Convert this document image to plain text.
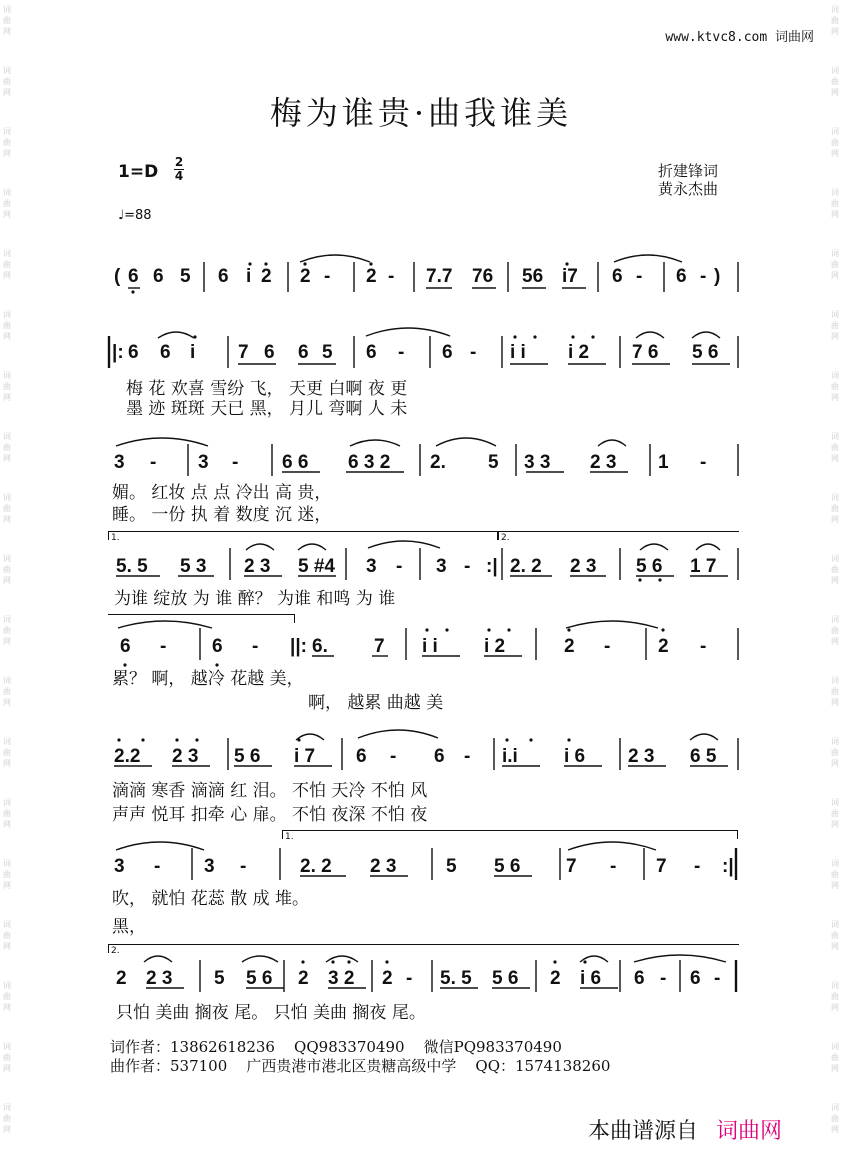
词
曲
网
词
曲
网
词
曲
网
词
曲
网
词
曲
网
词
曲
网
词
曲
网
词
曲
网
词
曲
网
词
曲
网
词
曲
网
词
曲
网
词
曲
网
词
曲
网
词
曲
网
词
曲
网
词
曲
网
词
曲
网
词
曲
网
词
曲
网
词
曲
网
词
曲
网
词
曲
网
词
曲
网
词
曲
网
词
曲
网
词
曲
网
词
曲
网
词
曲
网
词
曲
网
词
曲
网
词
曲
网
词
曲
网
词
曲
网
词
曲
网
词
曲
网
词
曲
网
词
曲
网
www.ktvc8.com 词曲网
梅为谁贵·曲我谁美
1=D 2
4	折建锋词
黄永杰曲
♩=88
( 6 6 5 6 i 2 2 - 2 - 7.7 76 56 i7 6 - 6 - )
|: 6 6 i 7 6 6 5 6 - 6 - i i i 2 7 6 5 6
梅 花 欢喜 雪纷 飞， 天更 白啊 夜 更
墨 迹 斑斑 天已 黑， 月儿 弯啊 人 未
3 - 3 - 6 6 6 3 2 2. 5 3 3 2 3 1 -
媚。 红妆 点 点 冷出 高 贵，
睡。 一份 执 着 数度 沉 迷，
1.	2.
5. 5 5 3 2 3 5 #4 3 - 3 - :| 2. 2 2 3 5 6 1 7
为谁 绽放 为 谁 醉？ 为谁 和鸣 为 谁
6 - 6 - ||: 6. 7 i i i 2	2 -	2 -
累？ 啊， 越冷 花越 美，
啊， 越累 曲越 美
2.2 2 3 5 6 i 7 6 - 6 - i.i i 6 2 3 6 5
滴滴 寒香 滴滴 红 泪。 不怕 天冷 不怕 风
声声 悦耳 扣牵 心 扉。 不怕 夜深 不怕 夜
1.
3 - 3 -	2. 2 2 3	5 5 6 7 - 7 - :|
吹， 就怕 花蕊 散 成 堆。
黑，
2.
2 2 3 5 5 6 2 3 2 2 - 5. 5 5 6 2 i 6 6 - 6 -
只怕 美曲 搁夜 尾。 只怕 美曲 搁夜 尾。
词作者：13862618236    QQ983370490    微信PQ983370490
曲作者：537100    广西贵港市港北区贵糖高级中学    QQ：1574138260
本曲谱源自 词曲网
